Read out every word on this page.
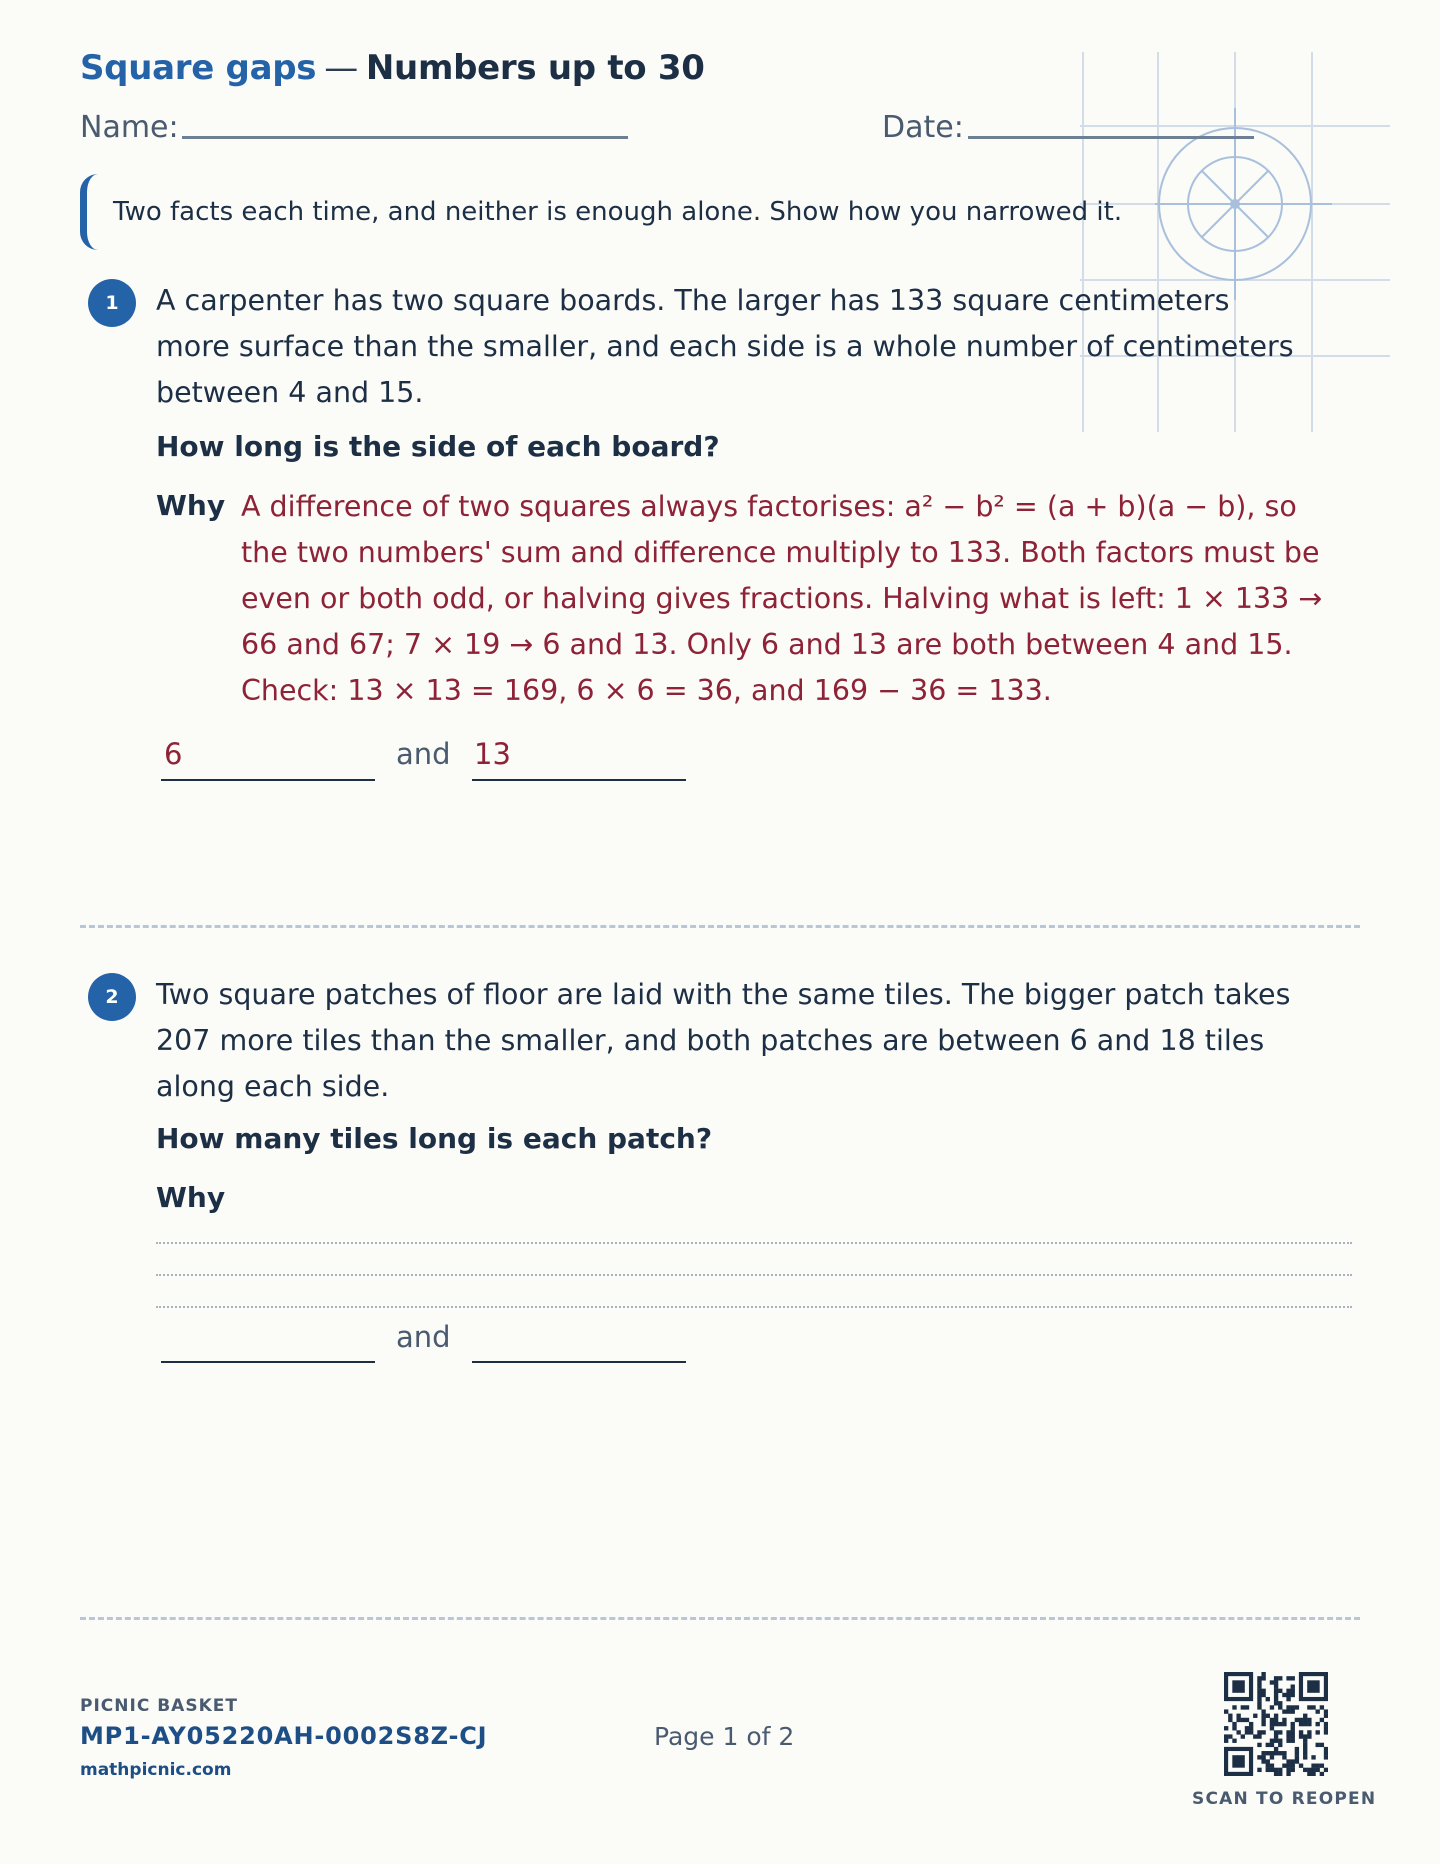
Square gaps — Numbers up to 30
Name:	Date:
Two facts each time, and neither is enough alone. Show how you narrowed it.
1	A carpenter has two square boards. The larger has 133 square centimeters more surface than the smaller, and each side is a whole number of centimeters between 4 and 15.
How long is the side of each board?
Why A difference of two squares always factorises: a² − b² = (a + b)(a − b), so the two numbers' sum and difference multiply to 133. Both factors must be even or both odd, or halving gives fractions. Halving what is left: 1 × 133 → 66 and 67; 7 × 19 → 6 and 13. Only 6 and 13 are both between 4 and 15. Check: 13 × 13 = 169, 6 × 6 = 36, and 169 − 36 = 133.
6	and 13
2	Two square patches of floor are laid with the same tiles. The bigger patch takes 207 more tiles than the smaller, and both patches are between 6 and 18 tiles along each side.
How many tiles long is each patch?
Why
and
PICNIC BASKET
MP1-AY05220AH-0002S8Z-CJ
mathpicnic.com
Page 1 of 2
SCAN TO REOPEN
